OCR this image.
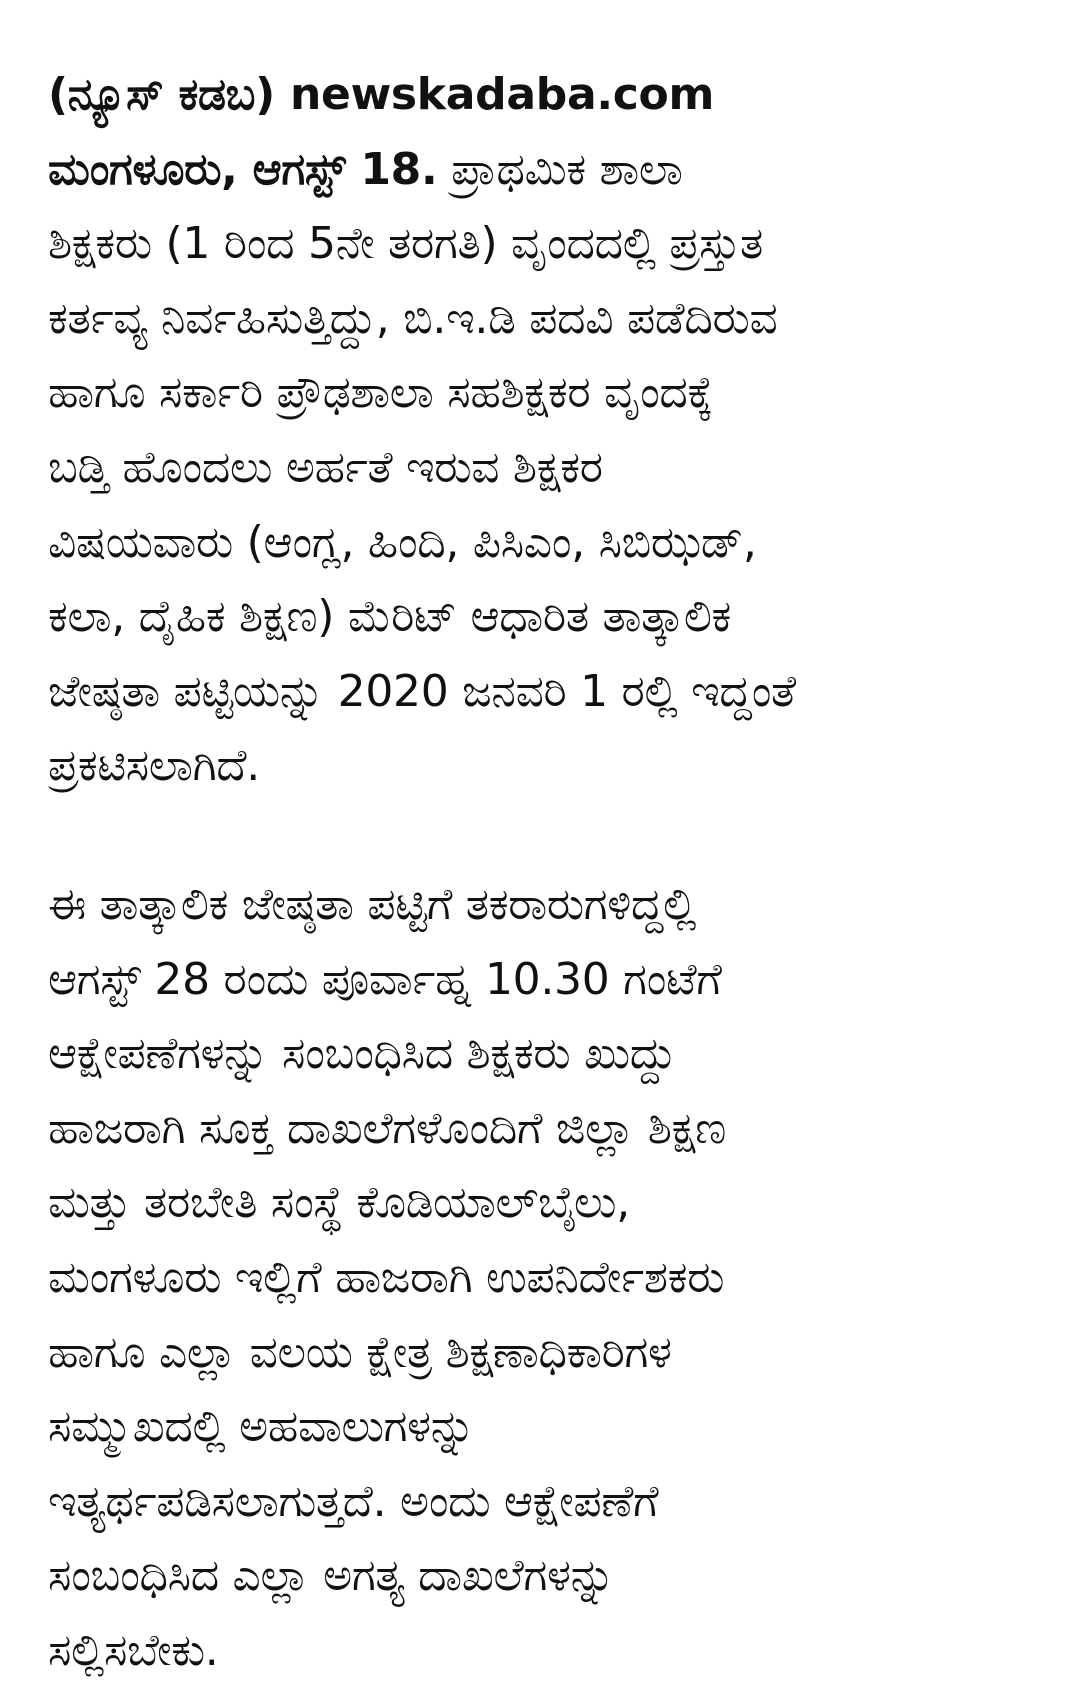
(ನ್ಯೂಸ್ ಕಡಬ) newskadaba.com
ಮಂಗಳೂರು, ಆಗಸ್ಟ್ 18. ಪ್ರಾಥಮಿಕ ಶಾಲಾ
ಶಿಕ್ಷಕರು (1 ರಿಂದ 5ನೇ ತರಗತಿ) ವೃಂದದಲ್ಲಿ ಪ್ರಸ್ತುತ
ಕರ್ತವ್ಯ ನಿರ್ವಹಿಸುತ್ತಿದ್ದು, ಬಿ.ಇ.ಡಿ ಪದವಿ ಪಡೆದಿರುವ
ಹಾಗೂ ಸರ್ಕಾರಿ ಪ್ರೌಢಶಾಲಾ ಸಹಶಿಕ್ಷಕರ ವೃಂದಕ್ಕೆ
ಬಡ್ತಿ ಹೊಂದಲು ಅರ್ಹತೆ ಇರುವ ಶಿಕ್ಷಕರ
ವಿಷಯವಾರು (ಆಂಗ್ಲ, ಹಿಂದಿ, ಪಿಸಿಎಂ, ಸಿಬಿಝಡ್,
ಕಲಾ, ದೈಹಿಕ ಶಿಕ್ಷಣ) ಮೆರಿಟ್ ಆಧಾರಿತ ತಾತ್ಕಾಲಿಕ
ಜೇಷ್ಠತಾ ಪಟ್ಟಿಯನ್ನು 2020 ಜನವರಿ 1 ರಲ್ಲಿ ಇದ್ದಂತೆ
ಪ್ರಕಟಿಸಲಾಗಿದೆ.
ಈ ತಾತ್ಕಾಲಿಕ ಜೇಷ್ಠತಾ ಪಟ್ಟಿಗೆ ತಕರಾರುಗಳಿದ್ದಲ್ಲಿ
ಆಗಸ್ಟ್ 28 ರಂದು ಪೂರ್ವಾಹ್ನ 10.30 ಗಂಟೆಗೆ
ಆಕ್ಷೇಪಣೆಗಳನ್ನು ಸಂಬಂಧಿಸಿದ ಶಿಕ್ಷಕರು ಖುದ್ದು
ಹಾಜರಾಗಿ ಸೂಕ್ತ ದಾಖಲೆಗಳೊಂದಿಗೆ ಜಿಲ್ಲಾ ಶಿಕ್ಷಣ
ಮತ್ತು ತರಬೇತಿ ಸಂಸ್ಥೆ ಕೊಡಿಯಾಲ್‌ಬೈಲು,
ಮಂಗಳೂರು ಇಲ್ಲಿಗೆ ಹಾಜರಾಗಿ ಉಪನಿರ್ದೇಶಕರು
ಹಾಗೂ ಎಲ್ಲಾ ವಲಯ ಕ್ಷೇತ್ರ ಶಿಕ್ಷಣಾಧಿಕಾರಿಗಳ
ಸಮ್ಮುಖದಲ್ಲಿ ಅಹವಾಲುಗಳನ್ನು
ಇತ್ಯರ್ಥಪಡಿಸಲಾಗುತ್ತದೆ. ಅಂದು ಆಕ್ಷೇಪಣೆಗೆ
ಸಂಬಂಧಿಸಿದ ಎಲ್ಲಾ ಅಗತ್ಯ ದಾಖಲೆಗಳನ್ನು
ಸಲ್ಲಿಸಬೇಕು.
